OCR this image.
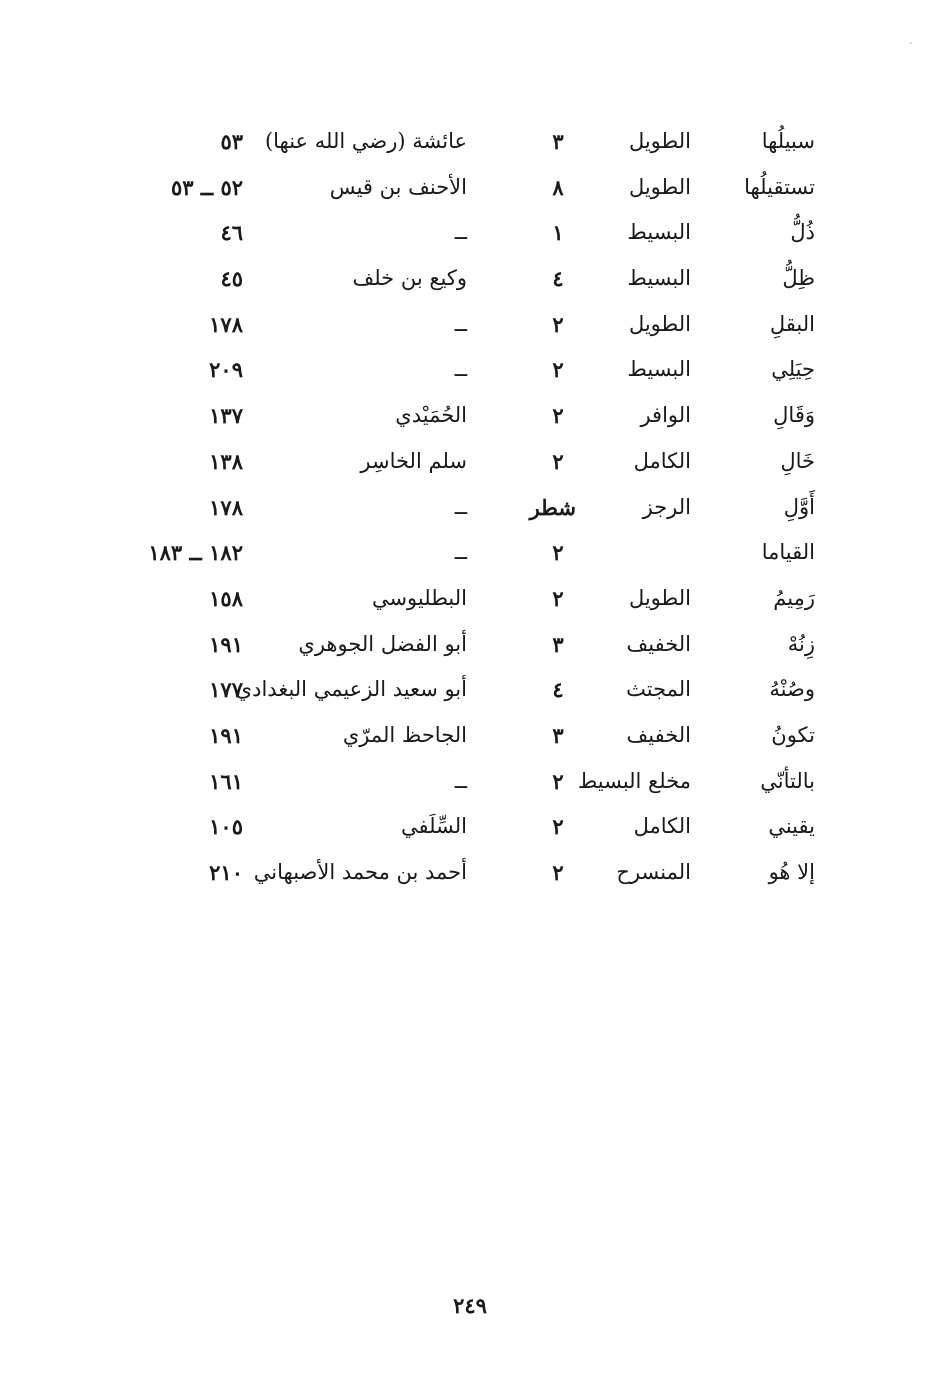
سبيلُها
الطويل
٣
عائشة (رضي الله عنها)
٥٣
تستقيلُها
الطويل
٨
الأحنف بن قيس
٥٢ ــ ٥٣
ذُلُّ
البسيط
١
ــ
٤٦
ظِلُّ
البسيط
٤
وكيع بن خلف
٤٥
البقلِ
الطويل
٢
ــ
١٧٨
حِيَلِي
البسيط
٢
ــ
٢٠٩
وَقَالِ
الوافر
٢
الحُمَيْدي
١٣٧
خَالِ
الكامل
٢
سلم الخاسِر
١٣٨
أَوَّلِ
الرجز
شطر
ــ
١٧٨
القياما
٢
ــ
١٨٢ ــ ١٨٣
رَمِيمُ
الطويل
٢
البطليوسي
١٥٨
زِنُهْ
الخفيف
٣
أبو الفضل الجوهري
١٩١
وصُنْهُ
المجتث
٤
أبو سعيد الزعيمي البغدادي
١٧٧
تكونُ
الخفيف
٣
الجاحظ المرّي
١٩١
بالتأنّي
مخلع البسيط
٢
ــ
١٦١
يقيني
الكامل
٢
السِّلَفي
١٠٥
إلا هُو
المنسرح
٢
أحمد بن محمد الأصبهاني
٢١٠
٢٤٩
